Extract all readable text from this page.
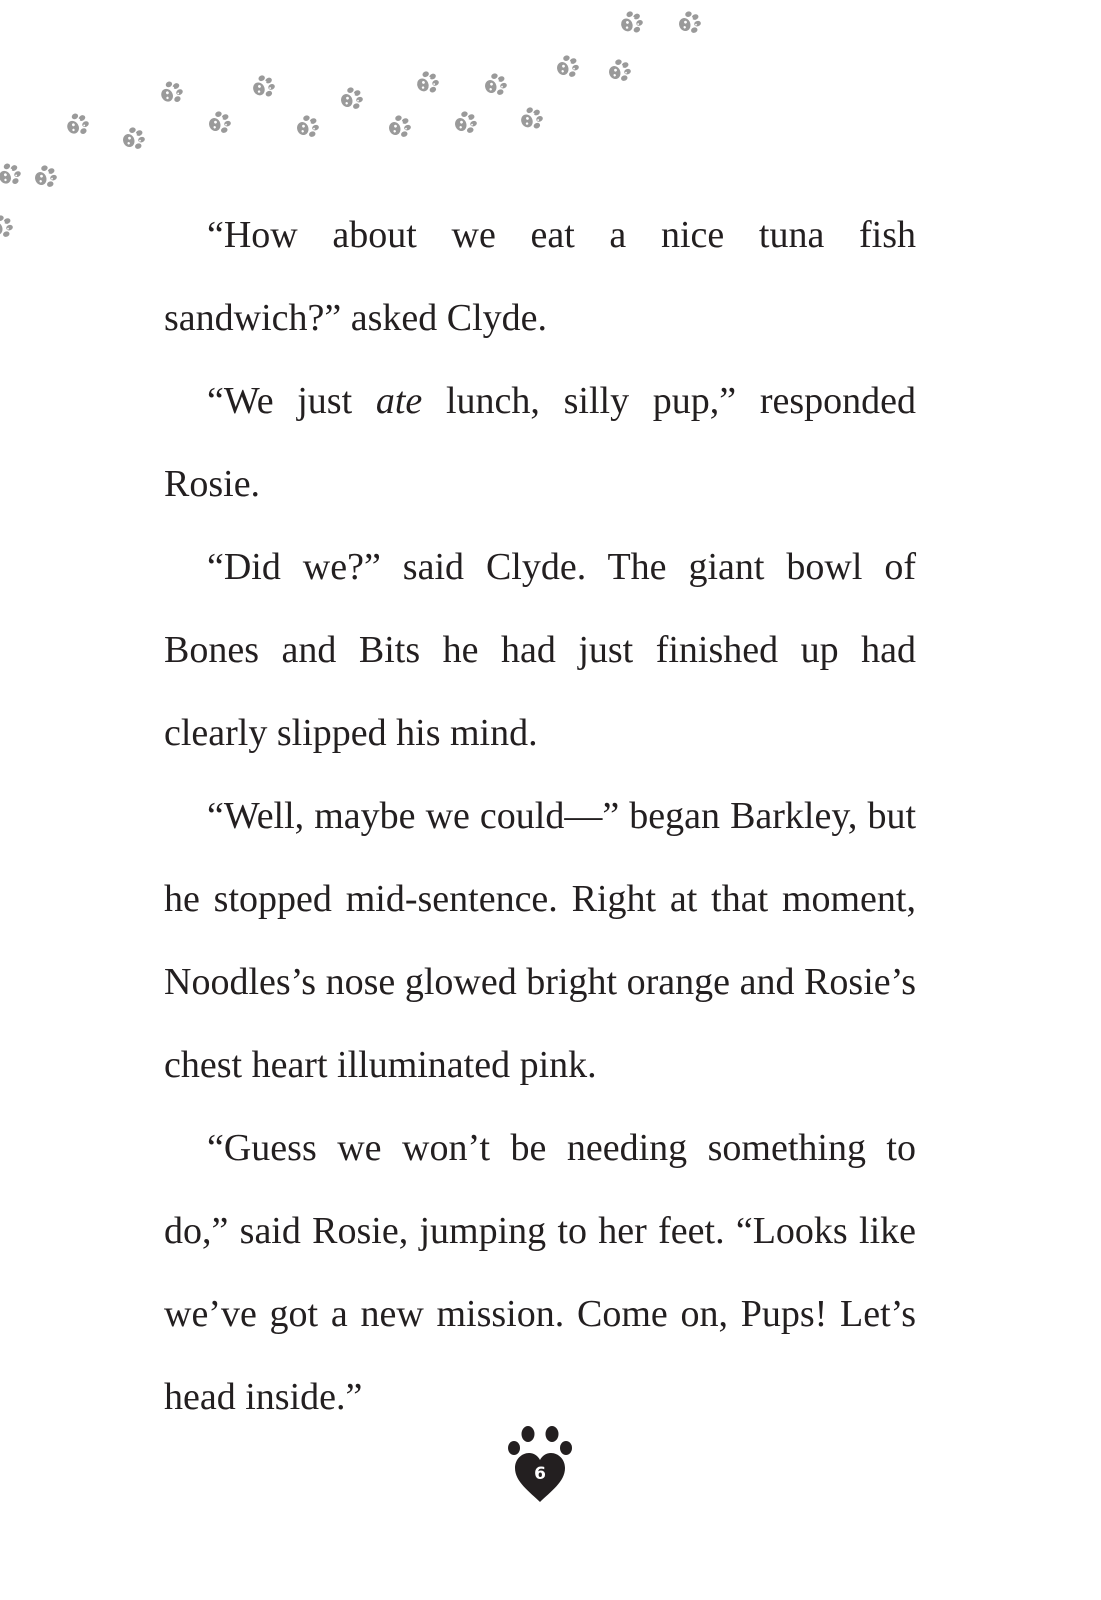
“How about we eat a nice tuna fish sandwich?” asked Clyde.

“We just ate lunch, silly pup,” responded Rosie.

“Did we?” said Clyde. The giant bowl of Bones and Bits he had just finished up had clearly slipped his mind.

“Well, maybe we could—” began Barkley, but he stopped mid-sentence. Right at that moment, Noodles’s nose glowed bright orange and Rosie’s chest heart illuminated pink.

“Guess we won’t be needing something to do,” said Rosie, jumping to her feet. “Looks like we’ve got a new mission. Come on, Pups! Let’s head inside.”

6
